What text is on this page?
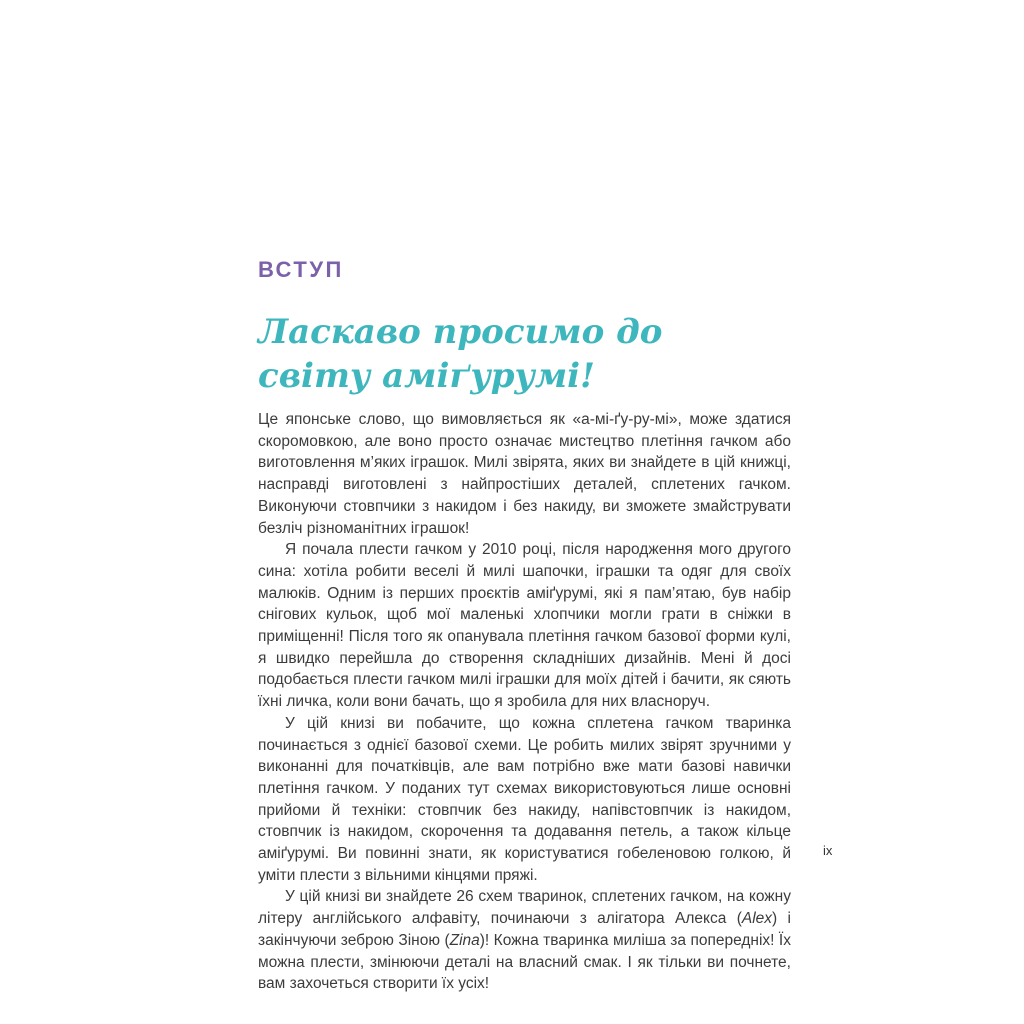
ВСТУП
Ласкаво просимо до світу аміґурумі!

Це японське слово, що вимовляється як «а-мі-ґу-ру-мі», може здатися скоромовкою, але воно просто означає мистецтво плетіння гачком або виготовлення м’яких іграшок. Милі звірята, яких ви знайдете в цій книжці, насправді виготовлені з найпростіших деталей, сплетених гачком. Виконуючи стовпчики з накидом і без накиду, ви зможете змайструвати безліч різноманітних іграшок!

Я почала плести гачком у 2010 році, після народження мого другого сина: хотіла робити веселі й милі шапочки, іграшки та одяг для своїх малюків. Одним із перших проєктів аміґурумі, які я пам’ятаю, був набір снігових кульок, щоб мої маленькі хлопчики могли грати в сніжки в приміщенні! Після того як опанувала плетіння гачком базової форми кулі, я швидко перейшла до створення складніших дизайнів. Мені й досі подобається плести гачком милі іграшки для моїх дітей і бачити, як сяють їхні личка, коли вони бачать, що я зробила для них власноруч.

У цій книзі ви побачите, що кожна сплетена гачком тваринка починається з однієї базової схеми. Це робить милих звірят зручними у виконанні для початківців, але вам потрібно вже мати базові навички плетіння гачком. У поданих тут схемах використовуються лише основні прийоми й техніки: стовпчик без накиду, напівстовпчик із накидом, стовпчик із накидом, скорочення та додавання петель, а також кільце аміґурумі. Ви повинні знати, як користуватися гобеленовою голкою, й уміти плести з вільними кінцями пряжі.

У цій книзі ви знайдете 26 схем тваринок, сплетених гачком, на кожну літеру англійського алфавіту, починаючи з алігатора Алекса (Alex) і закінчуючи зеброю Зіною (Zina)! Кожна тваринка миліша за попередніх! Їх можна плести, змінюючи деталі на власний смак. І як тільки ви почнете, вам захочеться створити їх усіх!

ix
